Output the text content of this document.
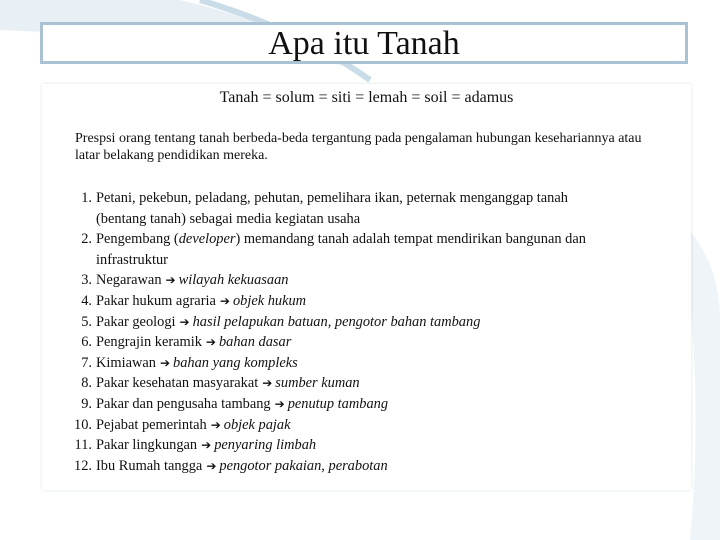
Apa itu Tanah
Tanah = solum = siti = lemah = soil = adamus
Prespsi orang tentang tanah berbeda-beda tergantung pada pengalaman hubungan kesehariannya atau latar belakang pendidikan mereka.
1. Petani, pekebun, peladang, pehutan, pemelihara ikan, peternak menganggap tanah
(bentang tanah) sebagai media kegiatan usaha
2. Pengembang (developer) memandang tanah adalah tempat mendirikan bangunan dan
infrastruktur
3. Negarawan ➔ wilayah kekuasaan
4. Pakar hukum agraria ➔ objek hukum
5. Pakar geologi ➔ hasil pelapukan batuan, pengotor bahan tambang
6. Pengrajin keramik ➔ bahan dasar
7. Kimiawan ➔ bahan yang kompleks
8. Pakar kesehatan masyarakat ➔ sumber kuman
9. Pakar dan pengusaha tambang ➔ penutup tambang
10. Pejabat pemerintah ➔ objek pajak
11. Pakar lingkungan ➔ penyaring limbah
12. Ibu Rumah tangga ➔ pengotor pakaian, perabotan
